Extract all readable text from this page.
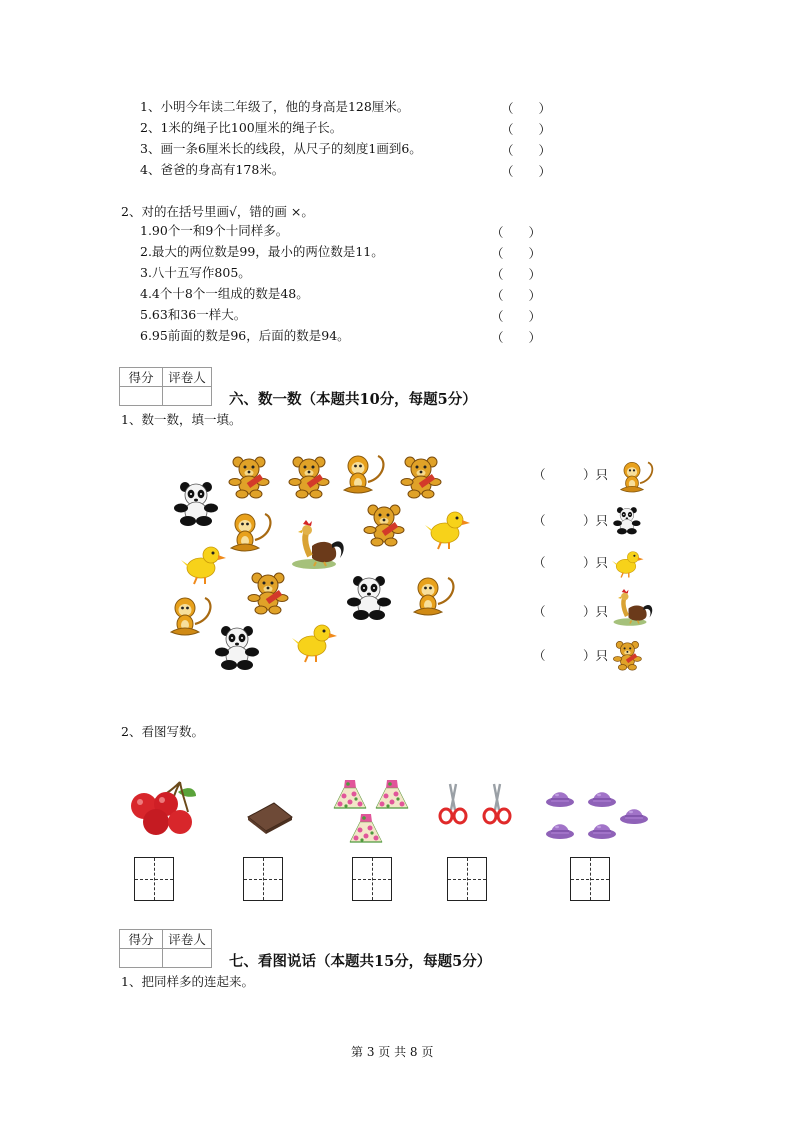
1、小明今年读二年级了，他的身高是128厘米。	（　　）
2、1米的绳子比100厘米的绳子长。	（　　）
3、画一条6厘米长的线段，从尺子的刻度1画到6。	（　　）
4、爸爸的身高有178米。	（　　）
2、对的在括号里画√，错的画 ×。
1.90个一和9个十同样多。	（　　）
2.最大的两位数是99，最小的两位数是11。	（　　）
3.八十五写作805。	（　　）
4.4个十8个一组成的数是48。	（　　）
5.63和36一样大。	（　　）
6.95前面的数是96，后面的数是94。	（　　）
得分	评卷人

六、数一数（本题共10分，每题5分）
1、数一数，填一填。
（　　　）只
（　　　）只
（　　　）只
（　　　）只
（　　　）只
2、看图写数。
得分	评卷人

七、看图说话（本题共15分，每题5分）
1、把同样多的连起来。
第 3 页 共 8 页
